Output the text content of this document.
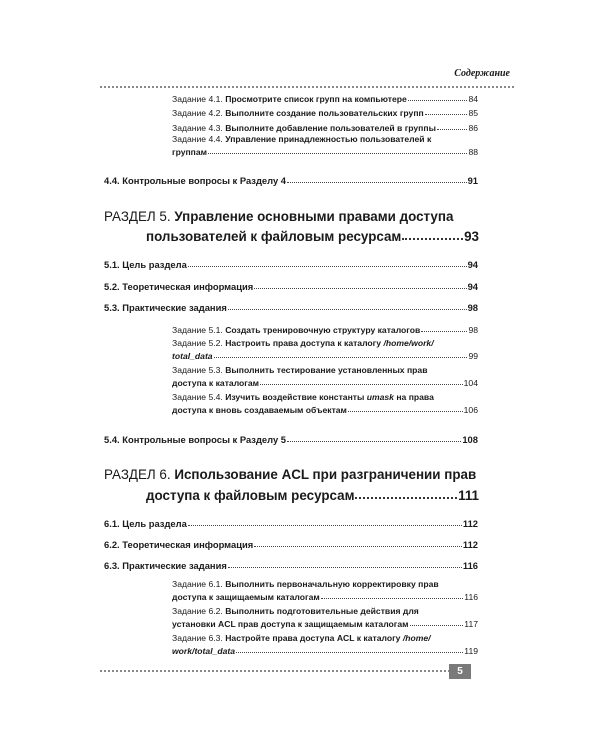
Содержание
Задание 4.1. Просмотрите список групп на компьютере	84
Задание 4.2. Выполните создание пользовательских групп	85
Задание 4.3. Выполните добавление пользователей в группы	86
Задание 4.4. Управление принадлежностью пользователей к
группам	88
4.4. Контрольные вопросы к Разделу 4	91
РАЗДЕЛ 5. Управление основными правами доступа
пользователей к файловым ресурсам	93
5.1. Цель раздела	94
5.2. Теоретическая информация	94
5.3. Практические задания	98
Задание 5.1. Создать тренировочную структуру каталогов	98
Задание 5.2. Настроить права доступа к каталогу /home/work/
total_data	99
Задание 5.3. Выполнить тестирование установленных прав
доступа к каталогам	104
Задание 5.4. Изучить воздействие константы umask на права
доступа к вновь создаваемым объектам	106
5.4. Контрольные вопросы к Разделу 5	108
РАЗДЕЛ 6. Использование ACL при разграничении прав
доступа к файловым ресурсам	111
6.1. Цель раздела	112
6.2. Теоретическая информация	112
6.3. Практические задания	116
Задание 6.1. Выполнить первоначальную корректировку прав
доступа к защищаемым каталогам	116
Задание 6.2. Выполнить подготовительные действия для
установки ACL прав доступа к защищаемым каталогам	117
Задание 6.3. Настройте права доступа ACL к каталогу /home/
work/total_data	119
5
